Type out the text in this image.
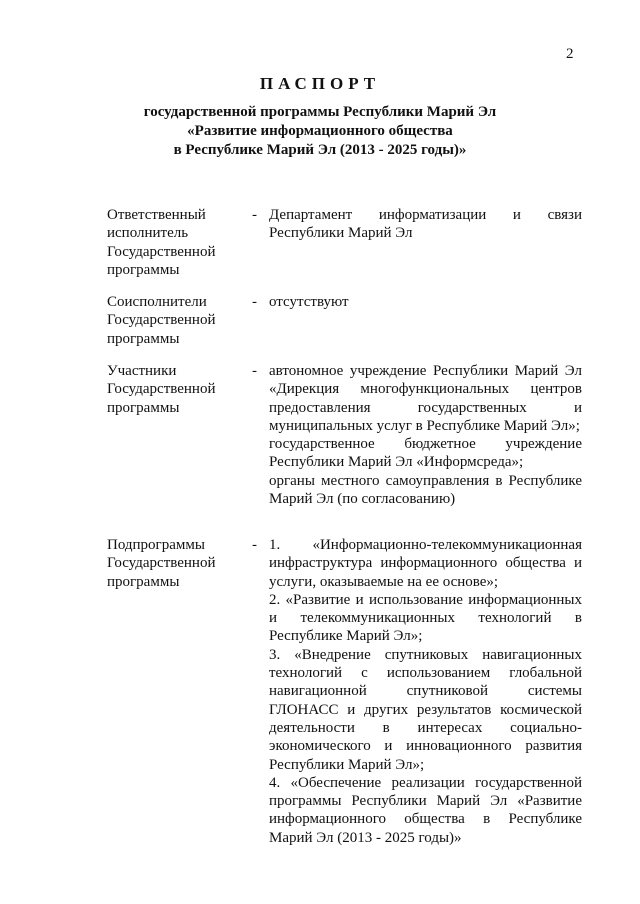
2
ПАСПОРТ
государственной программы Республики Марий Эл
«Развитие информационного общества
в Республике Марий Эл (2013 - 2025 годы)»
Ответственный
исполнитель
Государственной
программы
- Департамент информатизации и связи Республики Марий Эл

Соисполнители
Государственной
программы
- отсутствуют

Участники
Государственной
программы
- автономное учреждение Республики Марий Эл «Дирекция многофункциональных центров предоставления государственных и муниципальных услуг в Республике Марий Эл»;

государственное бюджетное учреждение Республики Марий Эл «Информсреда»;

органы местного самоуправления в Республике Марий Эл (по согласованию)

Подпрограммы
Государственной
программы
- 1. «Информационно-телекоммуникационная инфраструктура информационного общества и услуги, оказываемые на ее основе»;

2. «Развитие и использование информационных и телекоммуникационных технологий в Республике Марий Эл»;

3. «Внедрение спутниковых навигационных технологий с использованием глобальной навигационной спутниковой системы ГЛОНАСС и других результатов космической деятельности в интересах социально-экономического и инновационного развития Республики Марий Эл»;

4. «Обеспечение реализации государственной программы Республики Марий Эл «Развитие информационного общества в Республике Марий Эл (2013 - 2025 годы)»
